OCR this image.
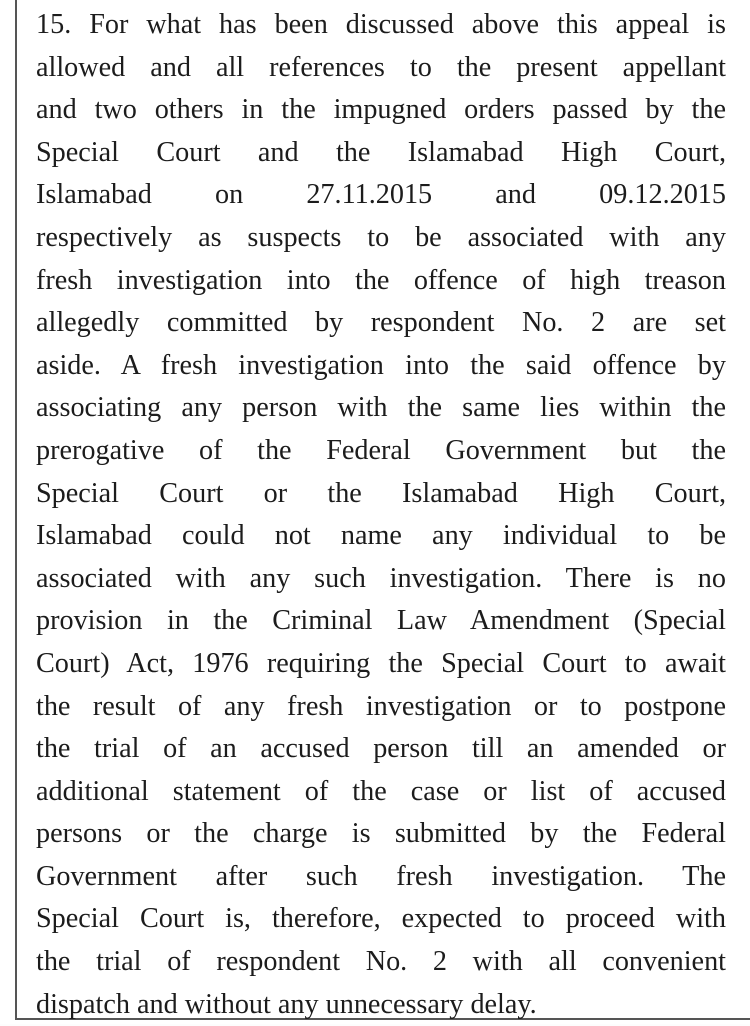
15. For what has been discussed above this appeal is
allowed and all references to the present appellant
and two others in the impugned orders passed by the
Special Court and the Islamabad High Court,
Islamabad on 27.11.2015 and 09.12.2015
respectively as suspects to be associated with any
fresh investigation into the offence of high treason
allegedly committed by respondent No. 2 are set
aside. A fresh investigation into the said offence by
associating any person with the same lies within the
prerogative of the Federal Government but the
Special Court or the Islamabad High Court,
Islamabad could not name any individual to be
associated with any such investigation. There is no
provision in the Criminal Law Amendment (Special
Court) Act, 1976 requiring the Special Court to await
the result of any fresh investigation or to postpone
the trial of an accused person till an amended or
additional statement of the case or list of accused
persons or the charge is submitted by the Federal
Government after such fresh investigation. The
Special Court is, therefore, expected to proceed with
the trial of respondent No. 2 with all convenient
dispatch and without any unnecessary delay.
